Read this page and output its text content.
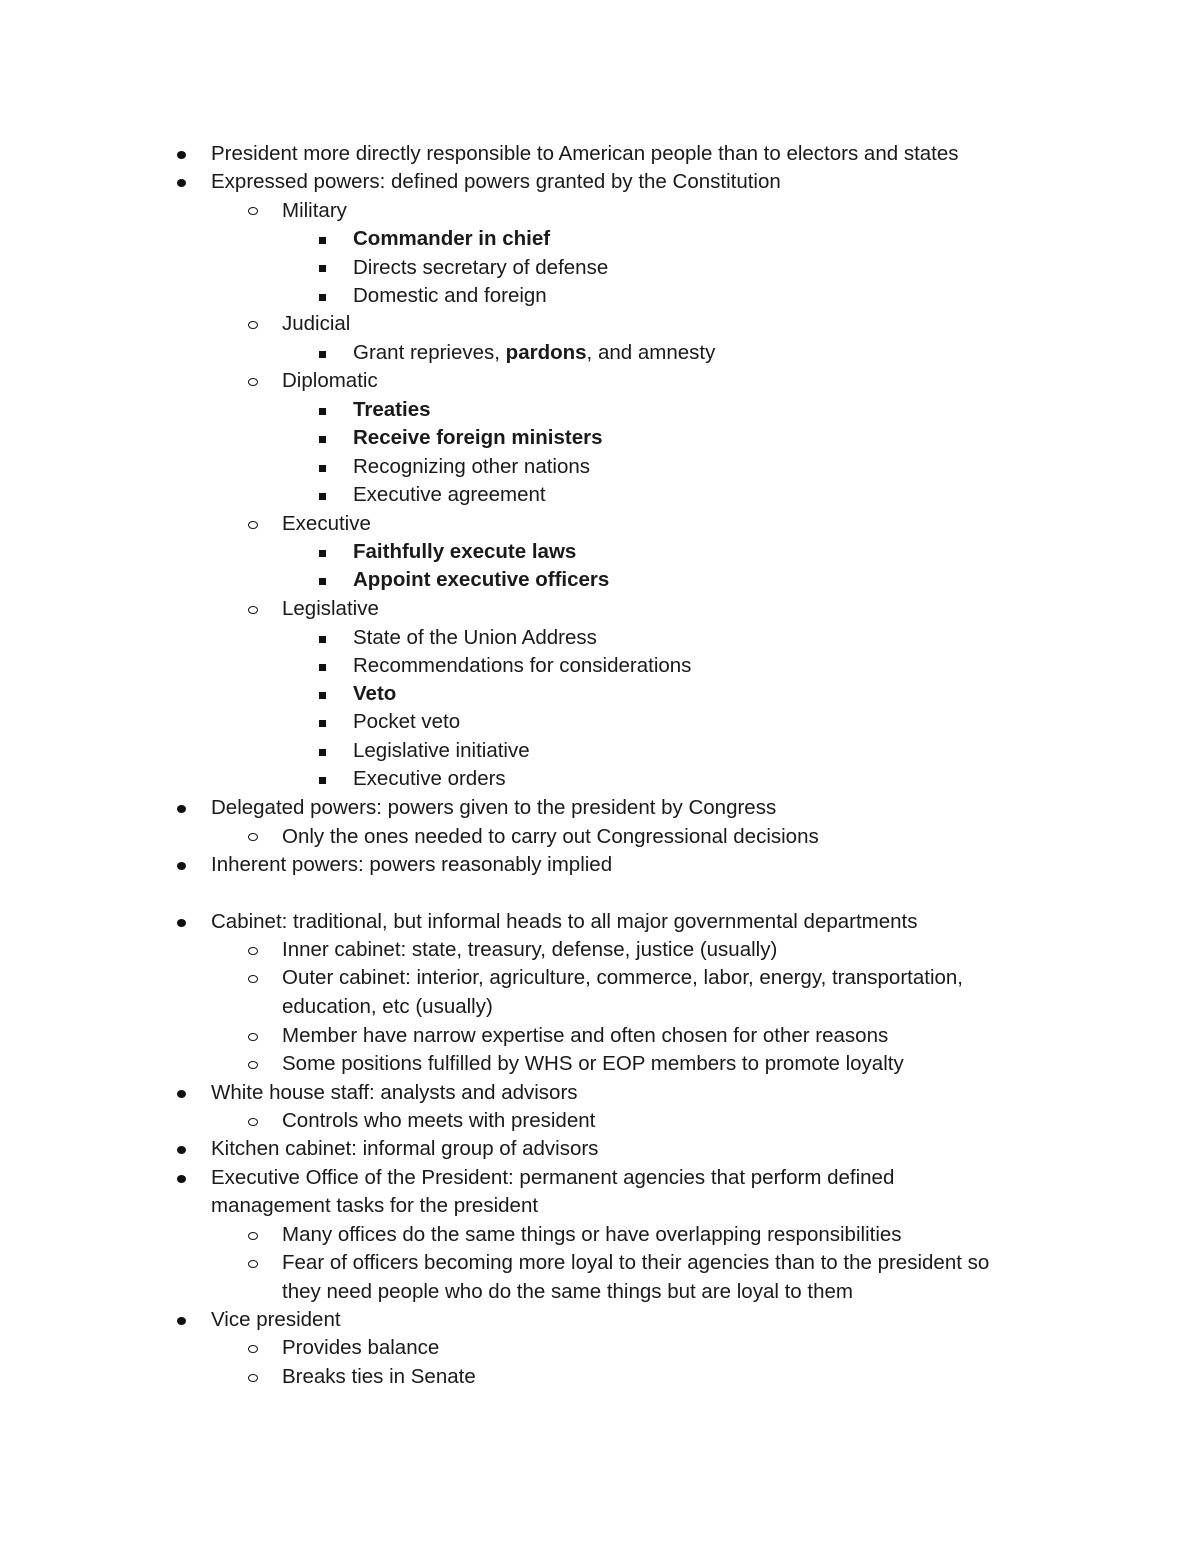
President more directly responsible to American people than to electors and states
Expressed powers: defined powers granted by the Constitution
Military
Commander in chief
Directs secretary of defense
Domestic and foreign
Judicial
Grant reprieves, pardons, and amnesty
Diplomatic
Treaties
Receive foreign ministers
Recognizing other nations
Executive agreement
Executive
Faithfully execute laws
Appoint executive officers
Legislative
State of the Union Address
Recommendations for considerations
Veto
Pocket veto
Legislative initiative
Executive orders
Delegated powers: powers given to the president by Congress
Only the ones needed to carry out Congressional decisions
Inherent powers: powers reasonably implied
Cabinet: traditional, but informal heads to all major governmental departments
Inner cabinet: state, treasury, defense, justice (usually)
Outer cabinet: interior, agriculture, commerce, labor, energy, transportation,
education, etc (usually)
Member have narrow expertise and often chosen for other reasons
Some positions fulfilled by WHS or EOP members to promote loyalty
White house staff: analysts and advisors
Controls who meets with president
Kitchen cabinet: informal group of advisors
Executive Office of the President: permanent agencies that perform defined
management tasks for the president
Many offices do the same things or have overlapping responsibilities
Fear of officers becoming more loyal to their agencies than to the president so
they need people who do the same things but are loyal to them
Vice president
Provides balance
Breaks ties in Senate
